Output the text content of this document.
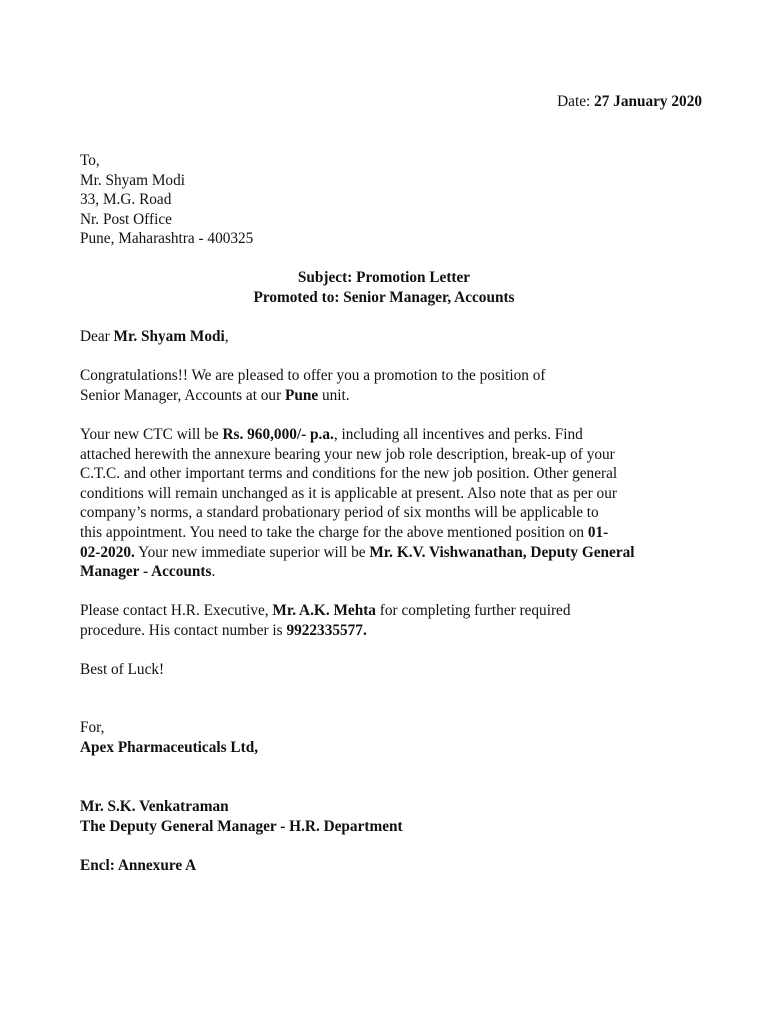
Date: 27 January 2020
To,
Mr. Shyam Modi
33, M.G. Road
Nr. Post Office
Pune, Maharashtra - 400325
Subject: Promotion Letter
Promoted to: Senior Manager, Accounts
Dear Mr. Shyam Modi,
Congratulations!! We are pleased to offer you a promotion to the position of
Senior Manager, Accounts at our Pune unit.
Your new CTC will be Rs. 960,000/- p.a., including all incentives and perks. Find
attached herewith the annexure bearing your new job role description, break-up of your
C.T.C. and other important terms and conditions for the new job position. Other general
conditions will remain unchanged as it is applicable at present. Also note that as per our
company’s norms, a standard probationary period of six months will be applicable to
this appointment. You need to take the charge for the above mentioned position on 01-
02-2020. Your new immediate superior will be Mr. K.V. Vishwanathan, Deputy General
Manager - Accounts.
Please contact H.R. Executive, Mr. A.K. Mehta for completing further required
procedure. His contact number is 9922335577.
Best of Luck!
For,
Apex Pharmaceuticals Ltd,
Mr. S.K. Venkatraman
The Deputy General Manager - H.R. Department
Encl: Annexure A
